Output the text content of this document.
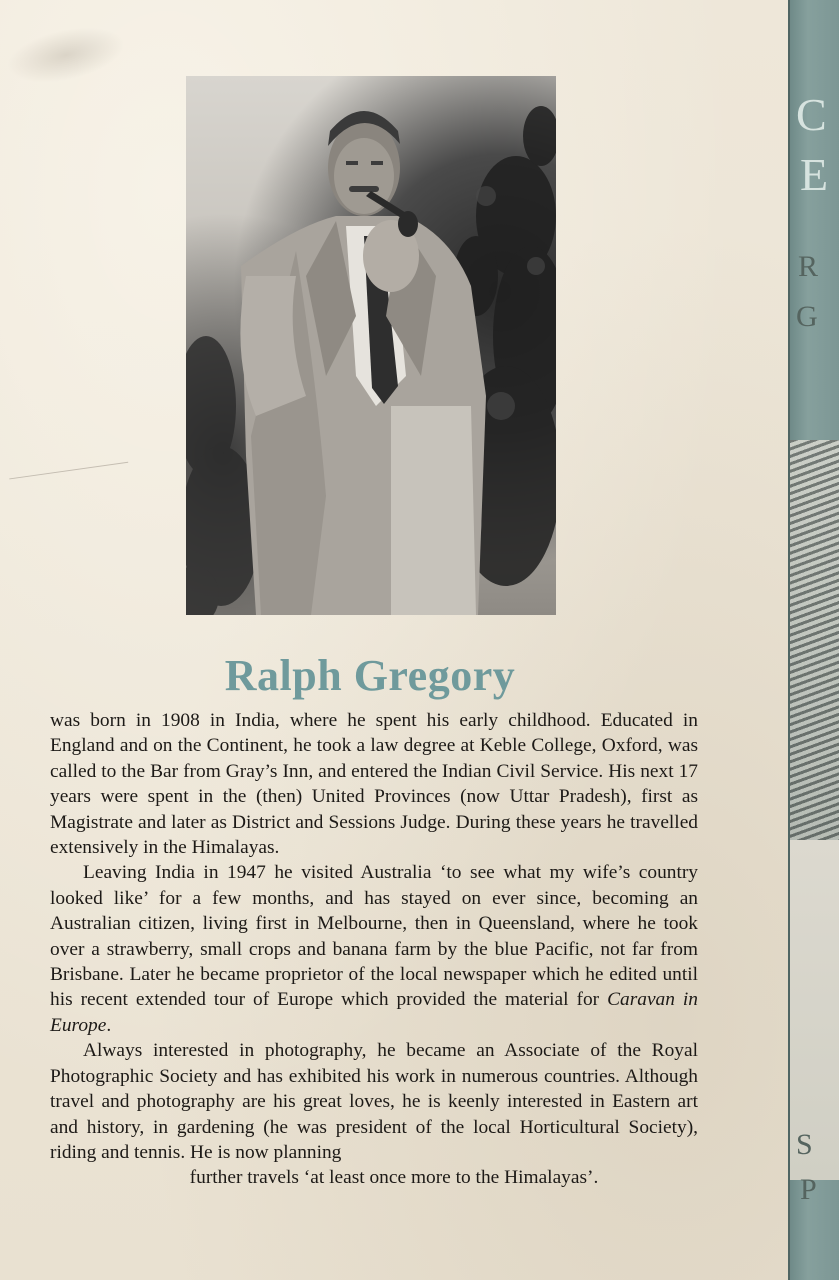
Ralph Gregory

was born in 1908 in India, where he spent his early childhood. Educated in England and on the Continent, he took a law degree at Keble College, Oxford, was called to the Bar from Gray’s Inn, and entered the Indian Civil Service. His next 17 years were spent in the (then) United Provinces (now Uttar Pradesh), first as Magistrate and later as District and Sessions Judge. During these years he travelled extensively in the Himalayas.

Leaving India in 1947 he visited Australia ‘to see what my wife’s country looked like’ for a few months, and has stayed on ever since, becoming an Australian citizen, living first in Melbourne, then in Queensland, where he took over a strawberry, small crops and banana farm by the blue Pacific, not far from Brisbane. Later he became proprietor of the local newspaper which he edited until his recent extended tour of Europe which provided the material for Caravan in Europe.

Always interested in photography, he became an Associate of the Royal Photographic Society and has exhibited his work in numerous countries. Although travel and photography are his great loves, he is keenly interested in Eastern art and history, in gardening (he was president of the local Horticultural Society), riding and tennis. He is now planning

further travels ‘at least once more to the Himalayas’.

C
E
R
G
S
P
